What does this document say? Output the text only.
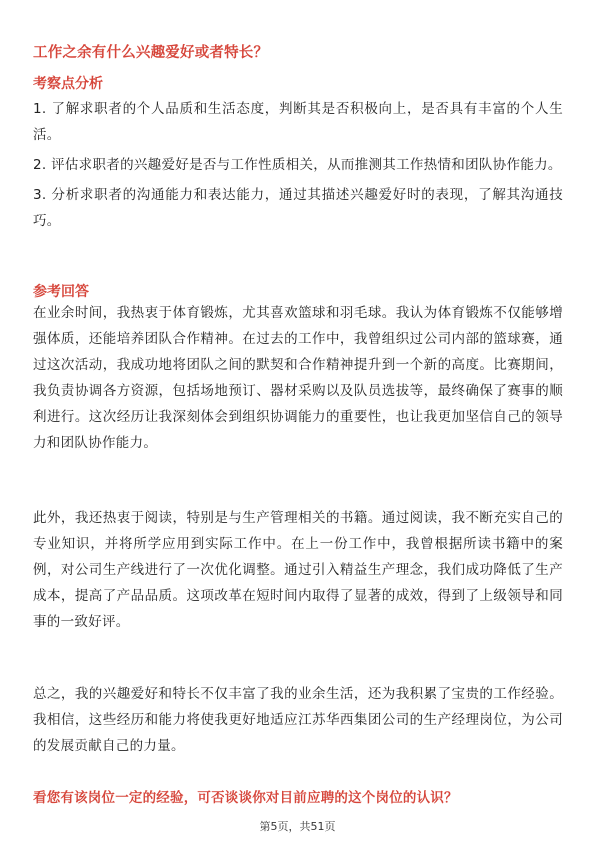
工作之余有什么兴趣爱好或者特长？
考察点分析
1. 了解求职者的个人品质和生活态度，判断其是否积极向上，是否具有丰富的个人生活。
2. 评估求职者的兴趣爱好是否与工作性质相关，从而推测其工作热情和团队协作能力。
3. 分析求职者的沟通能力和表达能力，通过其描述兴趣爱好时的表现，了解其沟通技巧。
参考回答
在业余时间，我热衷于体育锻炼，尤其喜欢篮球和羽毛球。我认为体育锻炼不仅能够增强体质，还能培养团队合作精神。在过去的工作中，我曾组织过公司内部的篮球赛，通过这次活动，我成功地将团队之间的默契和合作精神提升到一个新的高度。比赛期间，我负责协调各方资源，包括场地预订、器材采购以及队员选拔等，最终确保了赛事的顺利进行。这次经历让我深刻体会到组织协调能力的重要性，也让我更加坚信自己的领导力和团队协作能力。
此外，我还热衷于阅读，特别是与生产管理相关的书籍。通过阅读，我不断充实自己的专业知识，并将所学应用到实际工作中。在上一份工作中，我曾根据所读书籍中的案例，对公司生产线进行了一次优化调整。通过引入精益生产理念，我们成功降低了生产成本，提高了产品品质。这项改革在短时间内取得了显著的成效，得到了上级领导和同事的一致好评。
总之，我的兴趣爱好和特长不仅丰富了我的业余生活，还为我积累了宝贵的工作经验。我相信，这些经历和能力将使我更好地适应江苏华西集团公司的生产经理岗位，为公司的发展贡献自己的力量。
看您有该岗位一定的经验，可否谈谈你对目前应聘的这个岗位的认识？
第5页，共51页
